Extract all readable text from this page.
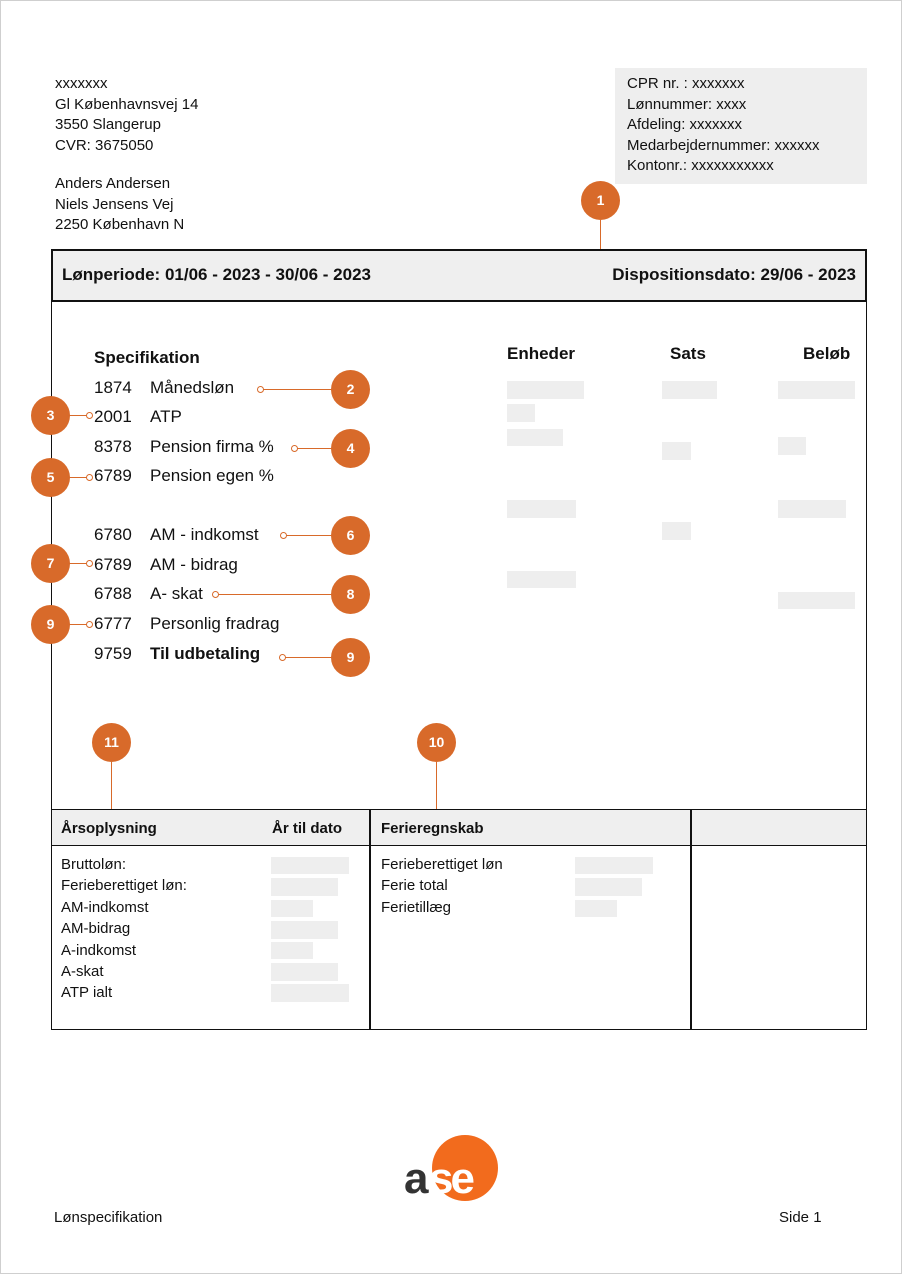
xxxxxxx
Gl Københavnsvej 14
3550 Slangerup
CVR: 3675050
Anders Andersen
Niels Jensens Vej
2250 København N
CPR nr. : xxxxxxx
Lønnummer: xxxx
Afdeling: xxxxxxx
Medarbejdernummer: xxxxxx
Kontonr.: xxxxxxxxxxx
1
Lønperiode: 01/06 - 2023 - 30/06 - 2023	Dispositionsdato: 29/06 - 2023
Specifikation	Enheder	Sats	Beløb
1874 Månedsløn
2001 ATP
8378 Pension firma %
6789 Pension egen %
6780 AM - indkomst
6789 AM - bidrag
6788 A- skat
6777 Personlig fradrag
9759 Til udbetaling
2
4
6
8
9
3
5
7
9
11	10
Årsoplysning	År til dato	Ferieregnskab
Bruttoløn:
Ferieberettiget løn:
AM-indkomst
AM-bidrag
A-indkomst
A-skat
ATP ialt
Ferieberettiget løn
Ferie total
Ferietillæg
a se
Lønspecifikation	Side 1
